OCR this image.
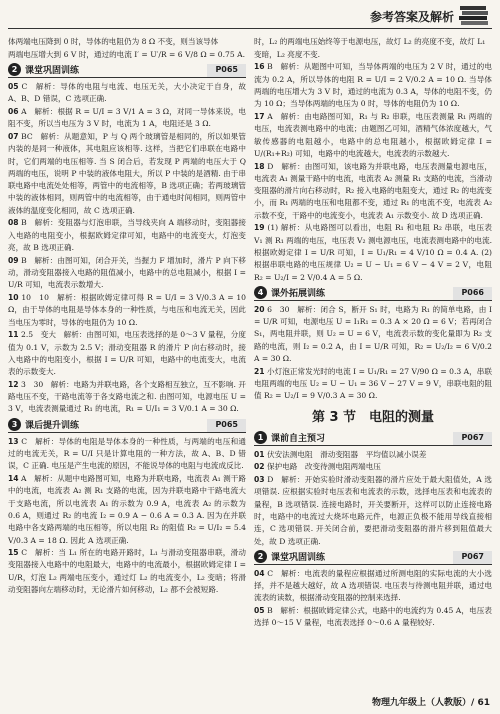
参考答案及解析

体两端电压降到 0 时，导体的电阻仍为 8 Ω 不变，则当该导体

两端电压增大到 6 V 时，通过的电流 I′ = U′/R = 6 V/8 Ω = 0.75 A.

2 课堂巩固训练	P065

05 C　解析：导体的电阻与电流、电压无关，大小决定于自身，故 A、B、D 错误，C 选项正确.

06 A　解析：根据 R = U/I = 3 V/1 A = 3 Ω，对同一导体来说，电阻不变，所以当电压为 3 V 时，电流为 1 A，电阻还是 3 Ω.

07 BC　解析：从题意知，P 与 Q 两个玻璃管是相同的，所以如果管内装的是同一种液体，其电阻应该相等. 这样，当把它们串联在电路中时，它们两端的电压相等. 当 S 闭合后，若发现 P 两端的电压大于 Q 两端的电压，说明 P 中装的液体电阻大，所以 P 中装的是酒精. 由于串联电路中电流处处相等，两管中的电流相等，B 选项正确；若两玻璃管中装的液体相同，则两管中的电流相等，由于通电时间相同，则两管中液体的温度变化相同，故 C 选项正确.

08 B　解析：变阻器与灯泡串联，当导线夹向 A 端移动时，变阻器接入电路的电阻变小，根据欧姆定律可知，电路中的电流变大，灯泡变亮，故 B 选项正确.

09 B　解析：由图可知，闭合开关，当握力 F 增加时，滑片 P 向下移动，滑动变阻器接入电路的阻值减小，电路中的总电阻减小，根据 I = U/R 可知，电流表示数增大.

10 10　10　解析：根据欧姆定律可得 R = U/I = 3 V/0.3 A = 10 Ω，由于导体的电阻是导体本身的一种性质，与电压和电流无关，因此当电压为零时，导体的电阻仍为 10 Ω.

11 2.5　变大　解析：由图可知，电压表选择的是 0～3 V 量程，分度值为 0.1 V，示数为 2.5 V；滑动变阻器 R 的滑片 P 向右移动时，接入电路中的电阻变小，根据 I = U/R 可知，电路中的电流变大，电流表的示数变大.

12 3　30　解析：电路为并联电路，各个支路相互独立，互不影响. 开路电压不变，干路电流等于各支路电流之和. 由图可知，电源电压 U = 3 V，电流表测量通过 R₁ 的电流，R₁ = U/I₁ = 3 V/0.1 A = 30 Ω.

3 课后提升训练	P065

13 C　解析：导体的电阻是导体本身的一种性质，与两端的电压和通过的电流无关，R = U/I 只是计算电阻的一种方法，故 A、B、D 错误，C 正确. 电压是产生电流的原因，不能说导体的电阻与电流成反比.

14 A　解析：从题中电路图可知，电路为并联电路，电流表 A₁ 测干路中的电流，电流表 A₂ 测 R₁ 支路的电流，因为并联电路中干路电流大于支路电流，所以电流表 A₁ 的示数为 0.9 A，电流表 A₂ 的示数为 0.6 A，则通过 R₂ 的电流 I₂ = 0.9 A − 0.6 A = 0.3 A. 因为在并联电路中各支路两端的电压相等，所以电阻 R₂ 的阻值 R₂ = U/I₂ = 5.4 V/0.3 A = 18 Ω. 因此 A 选项正确.

15 C　解析：当 L₁ 所在的电路开路时，L₁ 与滑动变阻器串联，滑动变阻器接入电路中的电阻最大，电路中的电流最小，根据欧姆定律 I = U/R，灯泡 L₂ 两端电压变小，通过灯 L₂ 的电流变小，L₂ 变暗；将滑动变阻器向左端移动时，无论滑片如何移动，L₂ 都不会被短路.

时，L₂ 的两端电压始终等于电源电压，故灯 L₂ 的亮度不变，故灯 L₁

变暗，L₂ 亮度不变.

16 B　解析：从题图中可知，当导体两端的电压为 2 V 时，通过的电流为 0.2 A，所以导体的电阻 R = U/I = 2 V/0.2 A = 10 Ω. 当导体两端的电压增大为 3 V 时，通过的电流为 0.3 A，导体的电阻不变，仍为 10 Ω；当导体两端的电压为 0 时，导体的电阻仍为 10 Ω.

17 A　解析：由电路图可知，R₁ 与 R₂ 串联，电压表测量 R₁ 两端的电压，电流表测电路中的电流；由题图乙可知，酒精气体浓度越大，气敏传感器的电阻越小，电路中的总电阻越小，根据欧姆定律 I = U/(R₁+R₂) 可知，电路中的电流越大，电流表的示数越大.

18 D　解析：由图可知，该电路为并联电路，电压表测量电源电压，电流表 A₁ 测量干路中的电流，电流表 A₂ 测量 R₁ 支路的电流，当滑动变阻器的滑片向右移动时，R₂ 接入电路的电阻变大，通过 R₂ 的电流变小，而 R₁ 两端的电压和电阻都不变，通过 R₁ 的电流不变，电流表 A₂ 示数不变，干路中的电流变小，电流表 A₁ 示数变小. 故 D 选项正确.

19 (1) 解析：从电路图可以看出，电阻 R₁ 和电阻 R₂ 串联，电压表 V₁ 测 R₁ 两端的电压，电压表 V₂ 测电源电压，电流表测电路中的电流. 根据欧姆定律 I = U/R 可知，I = U₁/R₁ = 4 V/10 Ω = 0.4 A. (2) 根据串联电路的电压规律 U₂ = U − U₁ = 6 V − 4 V = 2 V，电阻 R₂ = U₂/I = 2 V/0.4 A = 5 Ω.

4 课外拓展训练	P066

20 6　30　解析：闭合 S，断开 S₁ 时，电路为 R₁ 的简单电路，由 I = U/R 可知，电源电压 U = I₁R₁ = 0.3 A × 20 Ω = 6 V；若再闭合 S₁，两电阻并联，则 U₂ = U = 6 V，电流表示数的变化量即为 R₂ 支路的电流，则 I₂ = 0.2 A，由 I = U/R 可知，R₂ = U₂/I₂ = 6 V/0.2 A = 30 Ω.

21 小灯泡正常发光时的电流 I = U₁/R₁ = 27 V/90 Ω = 0.3 A，串联电阻两端的电压 U₂ = U − U₁ = 36 V − 27 V = 9 V，串联电阻的阻值 R₂ = U₂/I = 9 V/0.3 A = 30 Ω.

第 3 节　电阻的测量
1 课前自主预习	P067

01 伏安法测电阻　滑动变阻器　平均值以减小误差

02 保护电路　改变待测电阻两端电压

03 D　解析：开始实验时滑动变阻器的滑片应处于最大阻值处，A 选项错误. 应根据实验时电压表和电流表的示数，选择电压表和电流表的量程，B 选项错误. 连接电路时，开关要断开，这样可以防止连接电路时，电路中的电流过大烧坏电路元件，电源正负极不能用导线直接相连，C 选项错误. 开关闭合前，要把滑动变阻器的滑片移到阻值最大处，故 D 选项正确.

2 课堂巩固训练	P067

04 C　解析：电流表的量程应根据通过所测电阻的实际电流的大小选择，并不是越大越好，故 A 选项错误. 电压表与待测电阻并联，通过电流表的读数，根据滑动变阻器的控制来选择.

05 B　解析：根据欧姆定律公式，电路中的电流约为 0.45 A，电压表选择 0～15 V 量程，电流表选择 0～0.6 A 量程较好.

物理九年级上（人教版）/ 61
